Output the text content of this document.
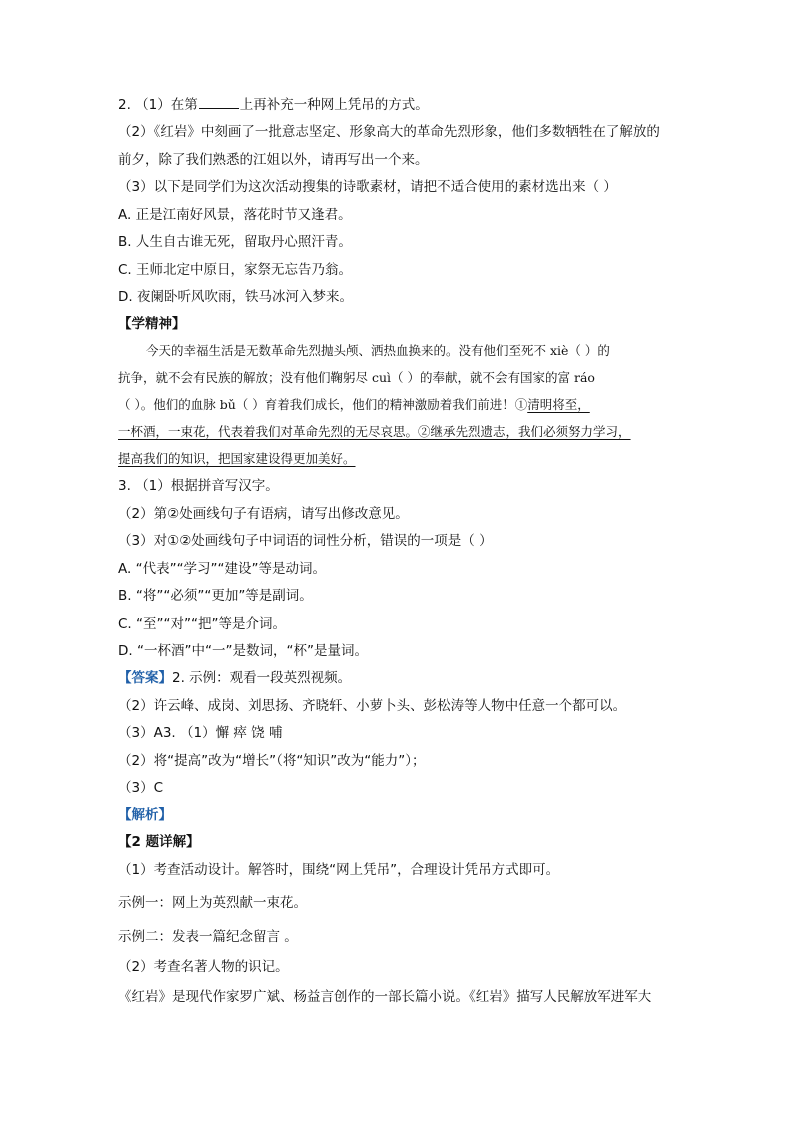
2. （1）在第	上再补充一种网上凭吊的方式。
（2）《红岩》中刻画了一批意志坚定、形象高大的革命先烈形象，他们多数牺牲在了解放的
前夕，除了我们熟悉的江姐以外，请再写出一个来。
（3）以下是同学们为这次活动搜集的诗歌素材，请把不适合使用的素材选出来（ ）
A. 正是江南好风景，落花时节又逢君。
B. 人生自古谁无死，留取丹心照汗青。
C. 王师北定中原日，家祭无忘告乃翁。
D. 夜阑卧听风吹雨，铁马冰河入梦来。
【学精神】
今天的幸福生活是无数革命先烈抛头颅、洒热血换来的。没有他们至死不 xiè（ ）的
抗争，就不会有民族的解放；没有他们鞠躬尽 cuì（ ）的奉献，就不会有国家的富 ráo
（ ）。他们的血脉 bǔ（ ）育着我们成长，他们的精神激励着我们前进！①清明将至，
一杯酒，一束花，代表着我们对革命先烈的无尽哀思。②继承先烈遗志，我们必须努力学习，
提高我们的知识，把国家建设得更加美好。
3. （1）根据拼音写汉字。
（2）第②处画线句子有语病，请写出修改意见。
（3）对①②处画线句子中词语的词性分析，错误的一项是（ ）
A. “代表”“学习”“建设”等是动词。
B. “将”“必须”“更加”等是副词。
C. “至”“对”“把”等是介词。
D. “一杯酒”中“一”是数词，“杯”是量词。
【答案】2. 示例：观看一段英烈视频。
（2）许云峰、成岗、刘思扬、齐晓轩、小萝卜头、彭松涛等人物中任意一个都可以。
（3）A3. （1）懈 瘁 饶 哺
（2）将“提高”改为“增长”（将“知识”改为“能力”）；
（3）C
【解析】
【2 题详解】
（1）考查活动设计。解答时，围绕“网上凭吊”，合理设计凭吊方式即可。
示例一：网上为英烈献一束花。
示例二：发表一篇纪念留言 。
（2）考查名著人物的识记。
《红岩》是现代作家罗广斌、杨益言创作的一部长篇小说。《红岩》描写人民解放军进军大
